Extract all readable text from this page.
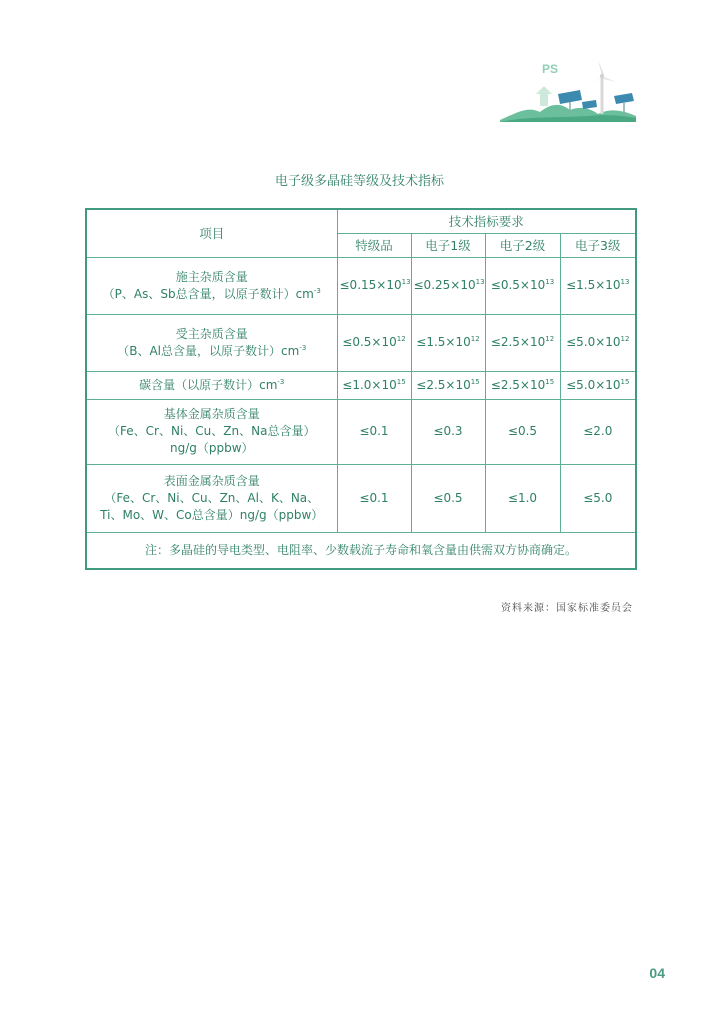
PS
电子级多晶硅等级及技术指标
项目	技术指标要求			
	特级品	电子1级	电子2级	电子3级

施主杂质含量
（P、As、Sb总含量，以原子数计）$cm^{-3}$	$\le 0.15\times 10^{13}$	$\le 0.25\times 10^{13}$	$\le 0.5\times 10^{13}$	$\le 1.5\times 10^{13}$

受主杂质含量
（B、Al总含量，以原子数计）$cm^{-3}$	$\le 0.5\times 10^{12}$	$\le 1.5\times 10^{12}$	$\le 2.5\times 10^{12}$	$\le 5.0\times 10^{12}$
碳含量（以原子数计）$cm^{-3}$	$\le 1.0\times 10^{15}$	$\le 2.5\times 10^{15}$	$\le 2.5\times 10^{15}$	$\le 5.0\times 10^{15}$

基体金属杂质含量
（Fe、Cr、Ni、Cu、Zn、Na总含量）
ng/g（ppbw）	≤0.1	≤0.3	≤0.5	≤2.0

表面金属杂质含量
（Fe、Cr、Ni、Cu、Zn、Al、K、Na、
Ti、Mo、W、Co总含量）ng/g（ppbw）	≤0.1	≤0.5	≤1.0	≤5.0
注：多晶硅的导电类型、电阻率、少数载流子寿命和氧含量由供需双方协商确定。				
资料来源：国家标准委员会
04
